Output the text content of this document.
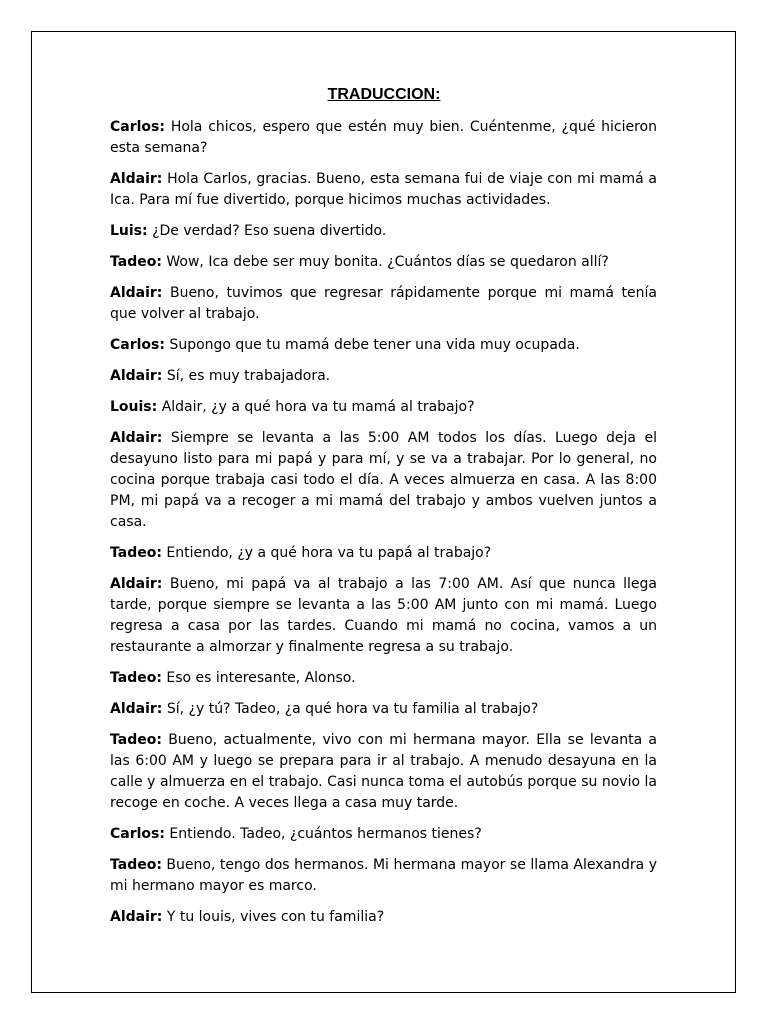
TRADUCCION:

Carlos: Hola chicos, espero que estén muy bien. Cuéntenme, ¿qué hicieron esta semana?

Aldair: Hola Carlos, gracias. Bueno, esta semana fui de viaje con mi mamá a Ica. Para mí fue divertido, porque hicimos muchas actividades.

Luis: ¿De verdad? Eso suena divertido.

Tadeo: Wow, Ica debe ser muy bonita. ¿Cuántos días se quedaron allí?

Aldair: Bueno, tuvimos que regresar rápidamente porque mi mamá tenía que volver al trabajo.

Carlos: Supongo que tu mamá debe tener una vida muy ocupada.

Aldair: Sí, es muy trabajadora.

Louis: Aldair, ¿y a qué hora va tu mamá al trabajo?

Aldair: Siempre se levanta a las 5:00 AM todos los días. Luego deja el desayuno listo para mi papá y para mí, y se va a trabajar. Por lo general, no cocina porque trabaja casi todo el día. A veces almuerza en casa. A las 8:00 PM, mi papá va a recoger a mi mamá del trabajo y ambos vuelven juntos a casa.

Tadeo: Entiendo, ¿y a qué hora va tu papá al trabajo?

Aldair: Bueno, mi papá va al trabajo a las 7:00 AM. Así que nunca llega tarde, porque siempre se levanta a las 5:00 AM junto con mi mamá. Luego regresa a casa por las tardes. Cuando mi mamá no cocina, vamos a un restaurante a almorzar y finalmente regresa a su trabajo.

Tadeo: Eso es interesante, Alonso.

Aldair: Sí, ¿y tú? Tadeo, ¿a qué hora va tu familia al trabajo?

Tadeo: Bueno, actualmente, vivo con mi hermana mayor. Ella se levanta a las 6:00 AM y luego se prepara para ir al trabajo. A menudo desayuna en la calle y almuerza en el trabajo. Casi nunca toma el autobús porque su novio la recoge en coche. A veces llega a casa muy tarde.

Carlos: Entiendo. Tadeo, ¿cuántos hermanos tienes?

Tadeo: Bueno, tengo dos hermanos. Mi hermana mayor se llama Alexandra y mi hermano mayor es marco.

Aldair: Y tu louis, vives con tu familia?
